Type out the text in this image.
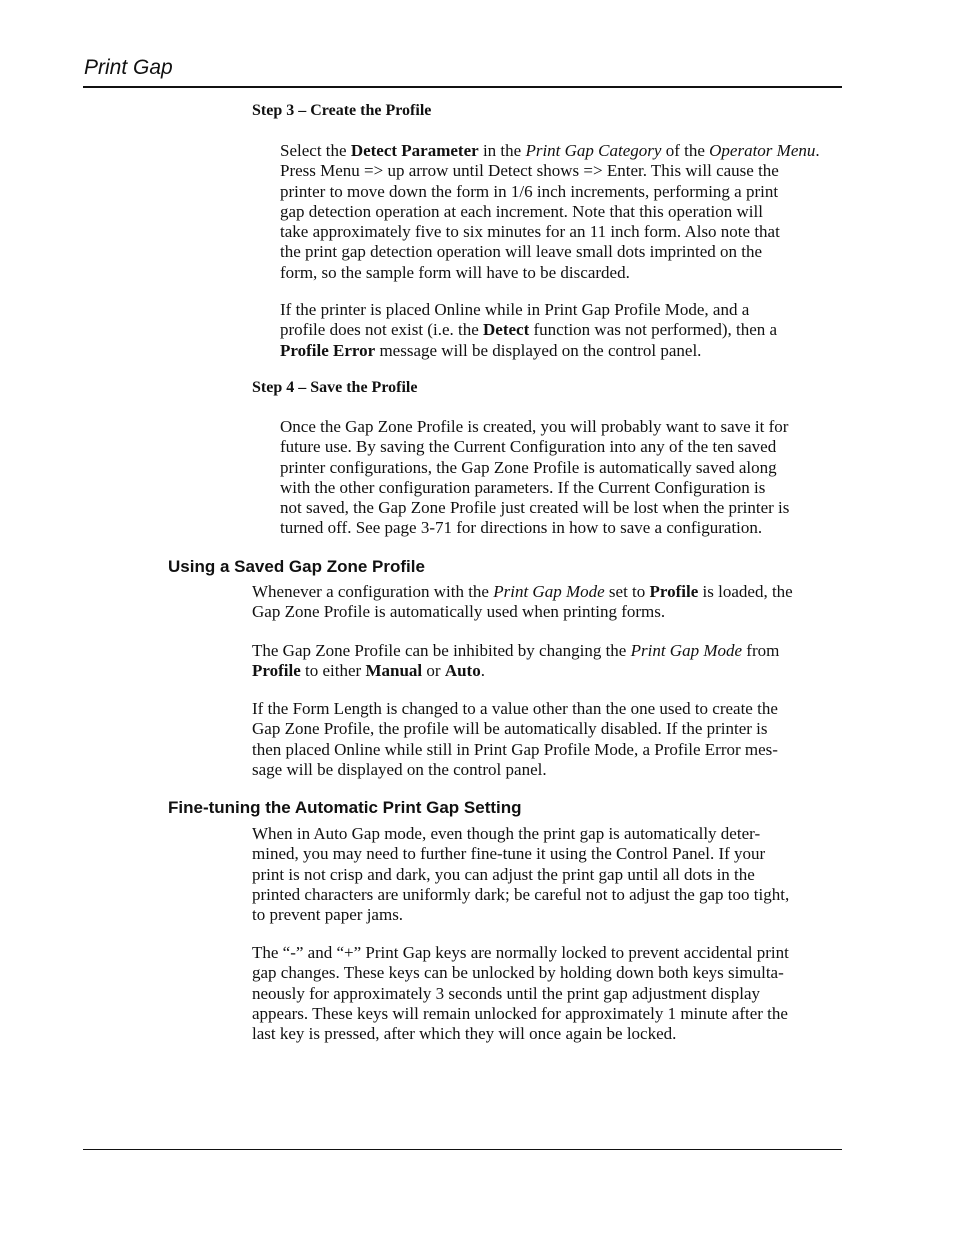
Print Gap
Step 3 – Create the Profile
Select the Detect Parameter in the Print Gap Category of the Operator Menu.
Press Menu => up arrow until Detect shows => Enter. This will cause the
printer to move down the form in 1/6 inch increments, performing a print
gap detection operation at each increment. Note that this operation will
take approximately five to six minutes for an 11 inch form. Also note that
the print gap detection operation will leave small dots imprinted on the
form, so the sample form will have to be discarded.
If the printer is placed Online while in Print Gap Profile Mode, and a
profile does not exist (i.e. the Detect function was not performed), then a
Profile Error message will be displayed on the control panel.
Step 4 – Save the Profile
Once the Gap Zone Profile is created, you will probably want to save it for
future use. By saving the Current Configuration into any of the ten saved
printer configurations, the Gap Zone Profile is automatically saved along
with the other configuration parameters. If the Current Configuration is
not saved, the Gap Zone Profile just created will be lost when the printer is
turned off. See page 3-71 for directions in how to save a configuration.
Using a Saved Gap Zone Profile
Whenever a configuration with the Print Gap Mode set to Profile is loaded, the
Gap Zone Profile is automatically used when printing forms.
The Gap Zone Profile can be inhibited by changing the Print Gap Mode from
Profile to either Manual or Auto.
If the Form Length is changed to a value other than the one used to create the
Gap Zone Profile, the profile will be automatically disabled. If the printer is
then placed Online while still in Print Gap Profile Mode, a Profile Error mes-
sage will be displayed on the control panel.
Fine-tuning the Automatic Print Gap Setting
When in Auto Gap mode, even though the print gap is automatically deter-
mined, you may need to further fine-tune it using the Control Panel. If your
print is not crisp and dark, you can adjust the print gap until all dots in the
printed characters are uniformly dark; be careful not to adjust the gap too tight,
to prevent paper jams.
The “-” and “+” Print Gap keys are normally locked to prevent accidental print
gap changes. These keys can be unlocked by holding down both keys simulta-
neously for approximately 3 seconds until the print gap adjustment display
appears. These keys will remain unlocked for approximately 1 minute after the
last key is pressed, after which they will once again be locked.
